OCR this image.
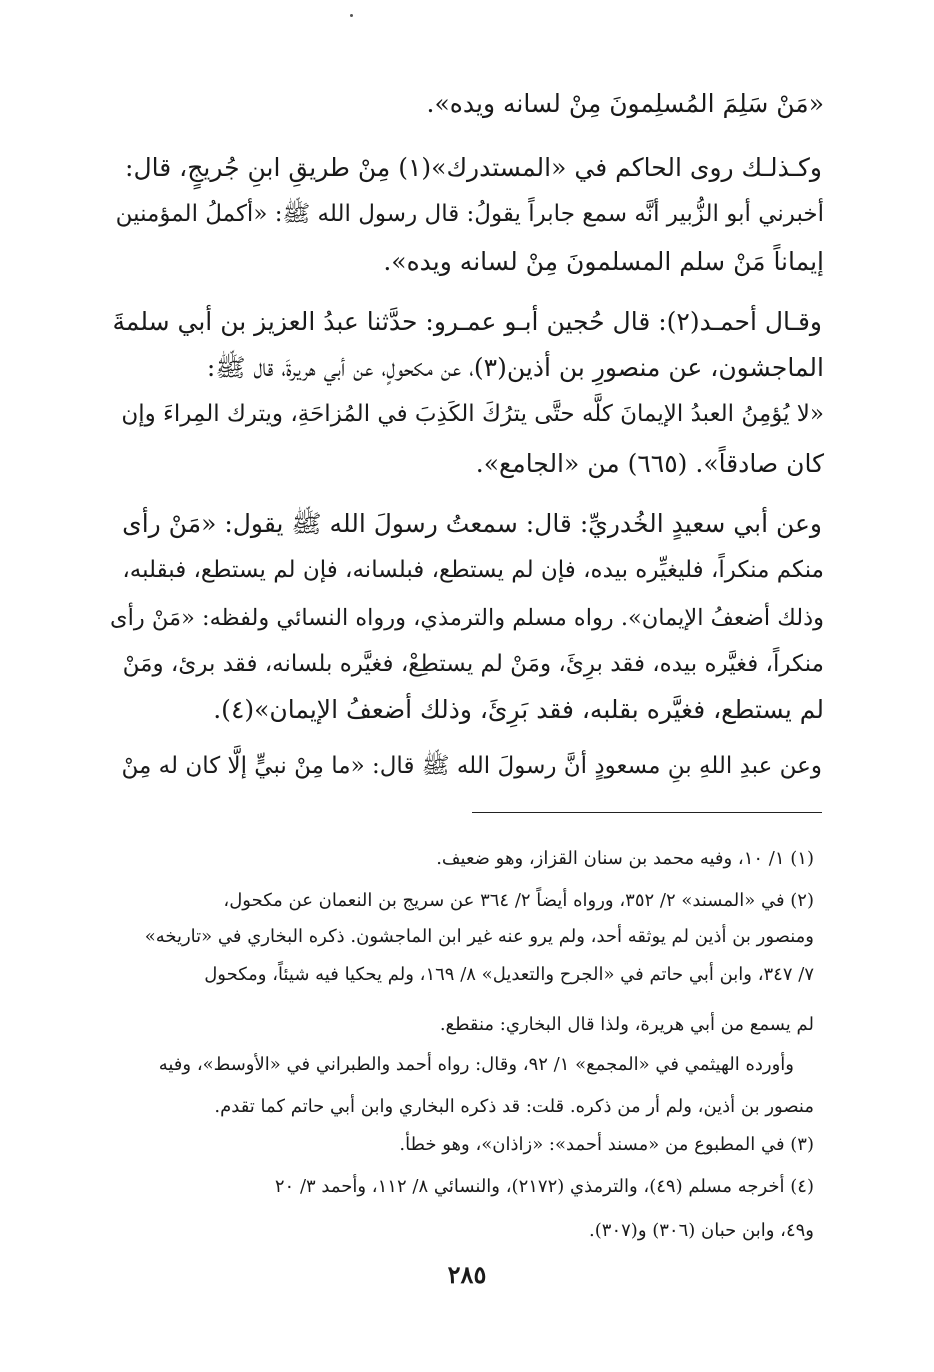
«مَنْ سَلِمَ المُسلِمونَ مِنْ لسانه ويده».
وكـذلـك روى الحاكم في «المستدرك»(١) مِنْ طريقِ ابنِ جُريجٍ، قال:
أخبرني أبو الزُّبير أنَّه سمع جابراً يقولُ: قال رسول الله ﷺ: «أكملُ المؤمنين
إيماناً مَنْ سلم المسلمونَ مِنْ لسانه ويده».
وقـال أحمـد(٢): قال حُجين أبـو عمـرو: حدَّثنا عبدُ العزيز بن أبي سلمةَ
الماجشون، عن منصورِ بن أذين(٣)، عن مكحولٍ، عن أبي هريرةَ، قال ﷺ:
«لا يُؤمِنُ العبدُ الإيمانَ كلَّه حتَّى يترُكَ الكَذِبَ في المُزاحَةِ، ويترك المِراءَ وإن
كان صادقاً». (٦٦٥) من «الجامع».
وعن أبي سعيدٍ الخُدريِّ: قال: سمعتُ رسولَ الله ﷺ يقول: «مَنْ رأى
منكم منكراً، فليغيِّره بيده، فإن لم يستطع، فبلسانه، فإن لم يستطع، فبقلبه،
وذلك أضعفُ الإيمان». رواه مسلم والترمذي، ورواه النسائي ولفظه: «مَنْ رأى
منكراً، فغيَّره بيده، فقد برِئَ، ومَنْ لم يستطِعْ، فغيَّره بلسانه، فقد برئ، ومَنْ
لم يستطع، فغيَّره بقلبه، فقد بَرِئَ، وذلك أضعفُ الإيمان»(٤).
وعن عبدِ اللهِ بنِ مسعودٍ أنَّ رسولَ الله ﷺ قال: «ما مِنْ نبيٍّ إلَّا كان له مِنْ
(١) ١/ ١٠، وفيه محمد بن سنان القزاز، وهو ضعيف.
(٢) في «المسند» ٢/ ٣٥٢، ورواه أيضاً ٢/ ٣٦٤ عن سريج بن النعمان عن مكحول،
ومنصور بن أذين لم يوثقه أحد، ولم يرو عنه غير ابن الماجشون. ذكره البخاري في «تاريخه»
٧/ ٣٤٧، وابن أبي حاتم في «الجرح والتعديل» ٨/ ١٦٩، ولم يحكيا فيه شيئاً، ومكحول
لم يسمع من أبي هريرة، ولذا قال البخاري: منقطع.
وأورده الهيثمي في «المجمع» ١/ ٩٢، وقال: رواه أحمد والطبراني في «الأوسط»، وفيه
منصور بن أذين، ولم أر من ذكره. قلت: قد ذكره البخاري وابن أبي حاتم كما تقدم.
(٣) في المطبوع من «مسند أحمد»: «زاذان»، وهو خطأ.
(٤) أخرجه مسلم (٤٩)، والترمذي (٢١٧٢)، والنسائي ٨/ ١١٢، وأحمد ٣/ ٢٠
و٤٩، وابن حبان (٣٠٦) و(٣٠٧).
٢٨٥
